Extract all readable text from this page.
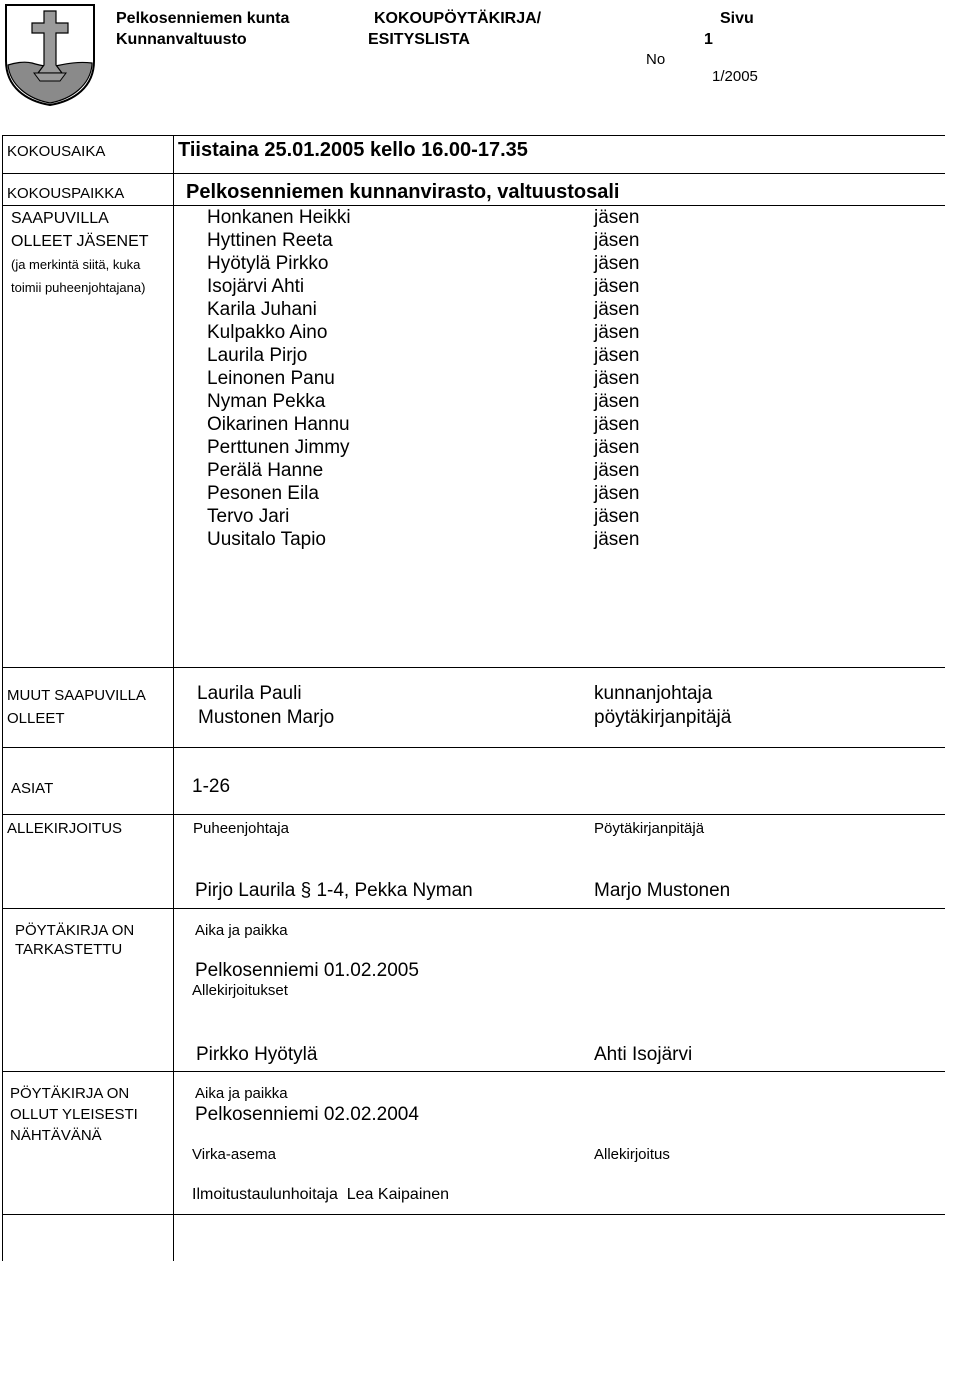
Pelkosenniemen kunta
Kunnanvaltuusto
KOKOUPÖYTÄKIRJA/
ESITYSLISTA
Sivu
1
No
1/2005
KOKOUSAIKA	Tiistaina 25.01.2005 kello 16.00-17.35
KOKOUSPAIKKA	Pelkosenniemen kunnanvirasto, valtuustosali
SAAPUVILLA
OLLEET JÄSENET
(ja merkintä siitä, kuka
toimii puheenjohtajana)
Honkanen Heikki	jäsen
Hyttinen Reeta	jäsen
Hyötylä Pirkko	jäsen
Isojärvi Ahti	jäsen
Karila Juhani	jäsen
Kulpakko Aino	jäsen
Laurila Pirjo	jäsen
Leinonen Panu	jäsen
Nyman Pekka	jäsen
Oikarinen Hannu	jäsen
Perttunen Jimmy	jäsen
Perälä Hanne	jäsen
Pesonen Eila	jäsen
Tervo Jari	jäsen
Uusitalo Tapio	jäsen
MUUT SAAPUVILLA
OLLEET
Laurila Pauli	kunnanjohtaja
Mustonen Marjo	pöytäkirjanpitäjä
ASIAT	1-26
ALLEKIRJOITUS	Puheenjohtaja	Pöytäkirjanpitäjä
Pirjo Laurila § 1-4, Pekka Nyman	Marjo Mustonen
PÖYTÄKIRJA ON
TARKASTETTU
Aika ja paikka
Pelkosenniemi 01.02.2005
Allekirjoitukset
Pirkko Hyötylä	Ahti Isojärvi
PÖYTÄKIRJA ON
OLLUT YLEISESTI
NÄHTÄVÄNÄ
Aika ja paikka
Pelkosenniemi 02.02.2004
Virka-asema	Allekirjoitus
Ilmoitustaulunhoitaja  Lea Kaipainen
